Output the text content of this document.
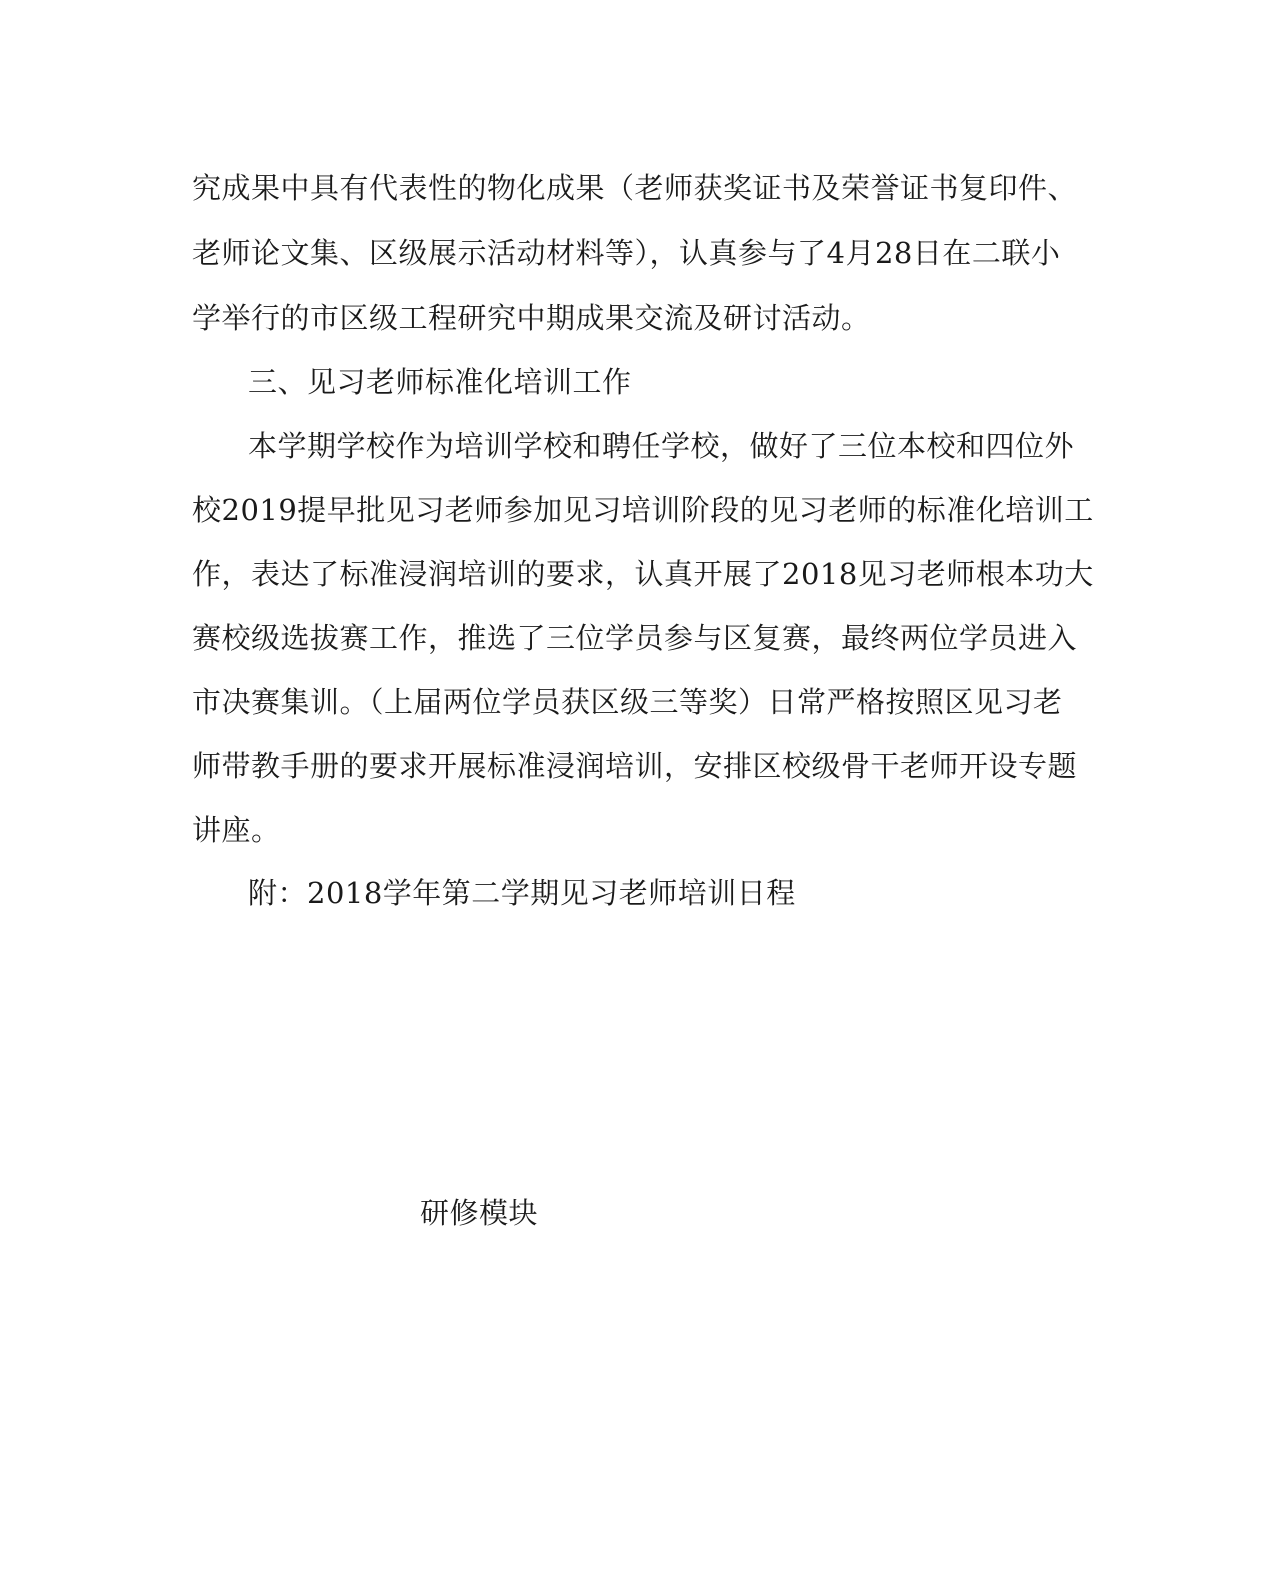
究成果中具有代表性的物化成果（老师获奖证书及荣誉证书复印件、
老师论文集、区级展示活动材料等），认真参与了4月28日在二联小
学举行的市区级工程研究中期成果交流及研讨活动。
三、见习老师标准化培训工作
本学期学校作为培训学校和聘任学校，做好了三位本校和四位外
校2019提早批见习老师参加见习培训阶段的见习老师的标准化培训工
作，表达了标准浸润培训的要求，认真开展了2018见习老师根本功大
赛校级选拔赛工作，推选了三位学员参与区复赛，最终两位学员进入
市决赛集训。（上届两位学员获区级三等奖）日常严格按照区见习老
师带教手册的要求开展标准浸润培训，安排区校级骨干老师开设专题
讲座。
附：2018学年第二学期见习老师培训日程
研修模块
